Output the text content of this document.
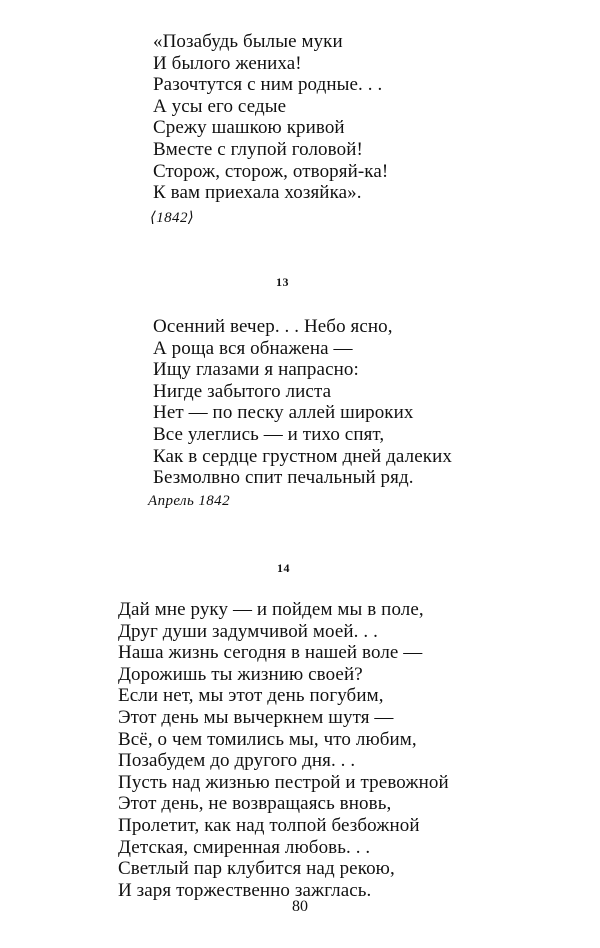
«Позабудь былые муки
И былого жениха!
Разочтутся с ним родные. . .
А усы его седые
Срежу шашкою кривой
Вместе с глупой головой!
Сторож, сторож, отворяй-ка!
К вам приехала хозяйка».
⟨1842⟩
13
Осенний вечер. . . Небо ясно,
А роща вся обнажена —
Ищу глазами я напрасно:
Нигде забытого листа
Нет — по песку аллей широких
Все улеглись — и тихо спят,
Как в сердце грустном дней далеких
Безмолвно спит печальный ряд.
Апрель 1842
14
Дай мне руку — и пойдем мы в поле,
Друг души задумчивой моей. . .
Наша жизнь сегодня в нашей воле —
Дорожишь ты жизнию своей?
Если нет, мы этот день погубим,
Этот день мы вычеркнем шутя —
Всё, о чем томились мы, что любим,
Позабудем до другого дня. . .
Пусть над жизнью пестрой и тревожной
Этот день, не возвращаясь вновь,
Пролетит, как над толпой безбожной
Детская, смиренная любовь. . .
Светлый пар клубится над рекою,
И заря торжественно зажглась.
80
